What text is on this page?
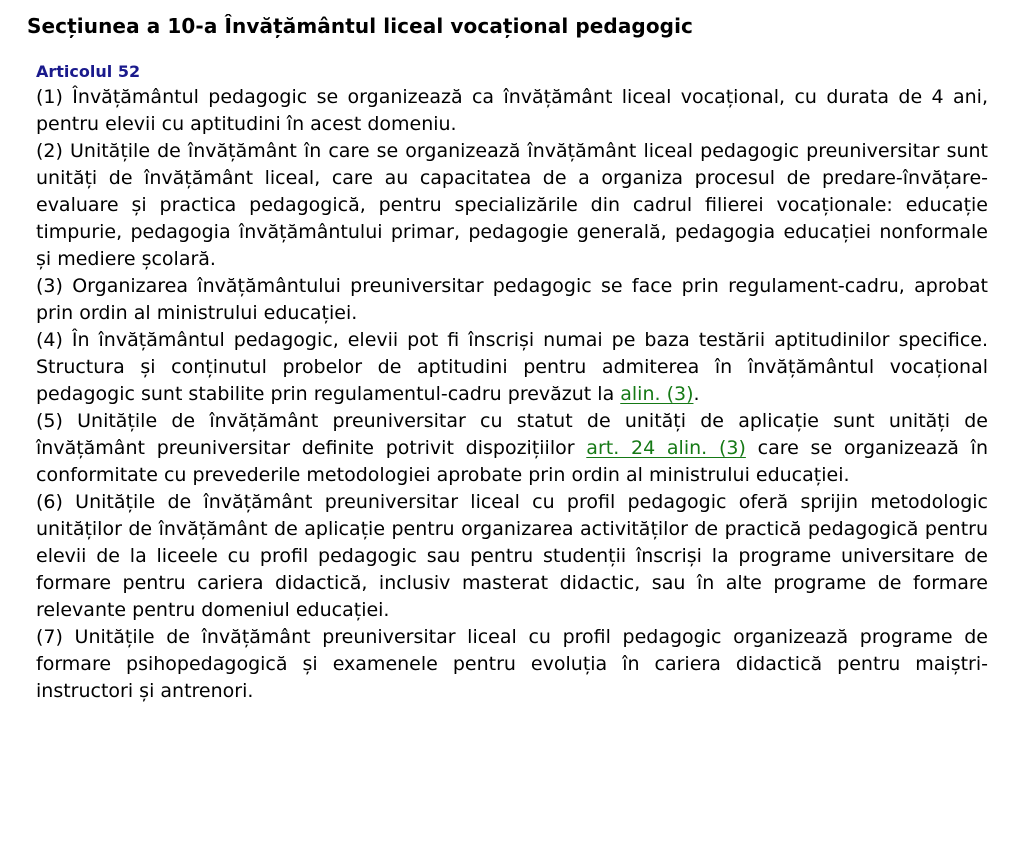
Secțiunea a 10-a Învățământul liceal vocațional pedagogic
Articolul 52

(1) Învățământul pedagogic se organizează ca învățământ liceal vocațional, cu durata de 4 ani, pentru elevii cu aptitudini în acest domeniu.

(2) Unitățile de învățământ în care se organizează învățământ liceal pedagogic preuniversitar sunt unități de învățământ liceal, care au capacitatea de a organiza procesul de predare-învățare-evaluare și practica pedagogică, pentru specializările din cadrul filierei vocaționale: educație timpurie, pedagogia învățământului primar, pedagogie generală, pedagogia educației nonformale și mediere școlară.

(3) Organizarea învățământului preuniversitar pedagogic se face prin regulament-cadru, aprobat prin ordin al ministrului educației.

(4) În învățământul pedagogic, elevii pot fi înscriși numai pe baza testării aptitudinilor specifice. Structura și conținutul probelor de aptitudini pentru admiterea în învățământul vocațional pedagogic sunt stabilite prin regulamentul-cadru prevăzut la alin. (3).

(5) Unitățile de învățământ preuniversitar cu statut de unități de aplicație sunt unități de învățământ preuniversitar definite potrivit dispozițiilor art. 24 alin. (3) care se organizează în conformitate cu prevederile metodologiei aprobate prin ordin al ministrului educației.

(6) Unitățile de învățământ preuniversitar liceal cu profil pedagogic oferă sprijin metodologic unităților de învățământ de aplicație pentru organizarea activităților de practică pedagogică pentru elevii de la liceele cu profil pedagogic sau pentru studenții înscriși la programe universitare de formare pentru cariera didactică, inclusiv masterat didactic, sau în alte programe de formare relevante pentru domeniul educației.

(7) Unitățile de învățământ preuniversitar liceal cu profil pedagogic organizează programe de formare psihopedagogică și examenele pentru evoluția în cariera didactică pentru maiștri-instructori și antrenori.
